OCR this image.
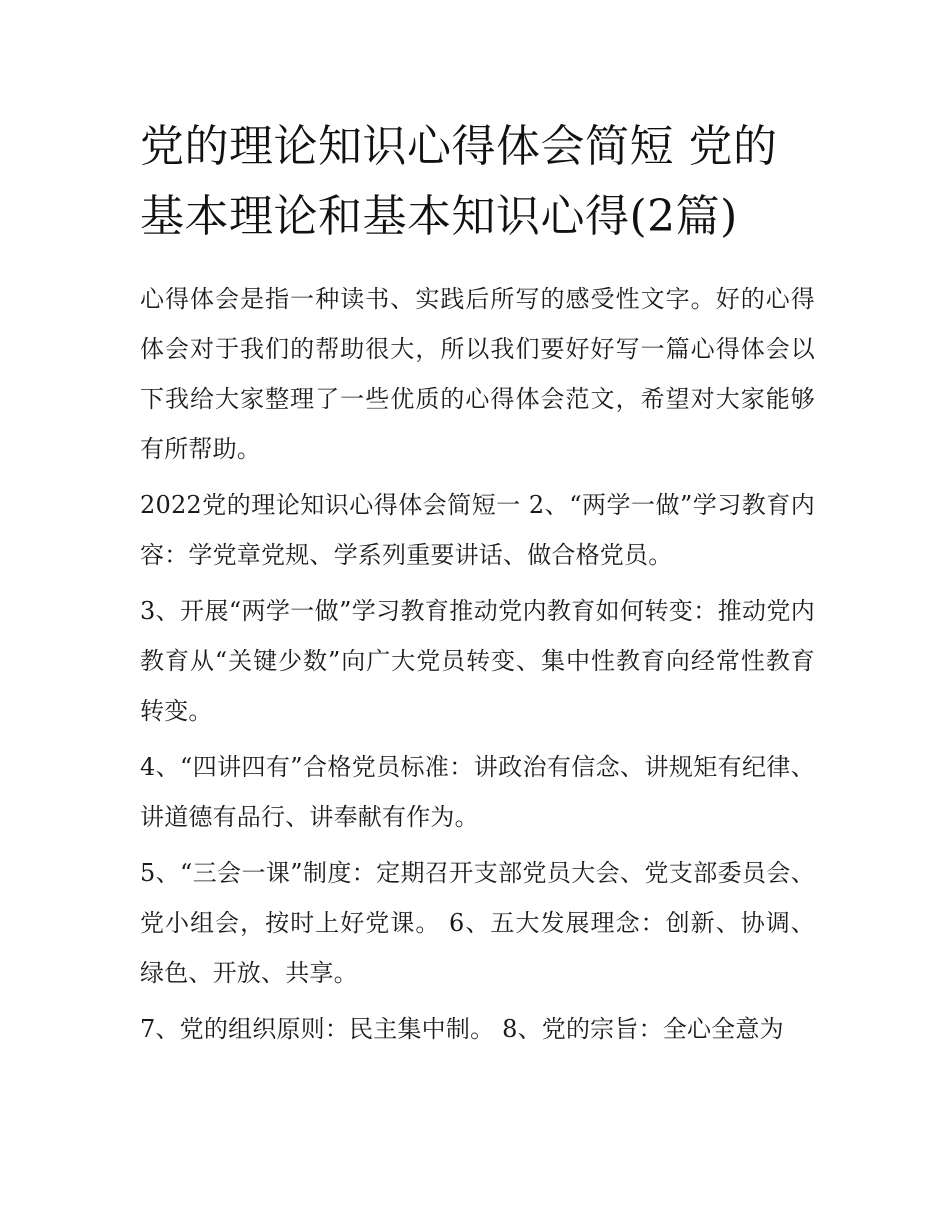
党的理论知识心得体会简短 党的基本理论和基本知识心得(2篇)

心得体会是指一种读书、实践后所写的感受性文字。好的心得体会对于我们的帮助很大，所以我们要好好写一篇心得体会以下我给大家整理了一些优质的心得体会范文，希望对大家能够有所帮助。

2022党的理论知识心得体会简短一 2、“两学一做”学习教育内容：学党章党规、学系列重要讲话、做合格党员。

3、开展“两学一做”学习教育推动党内教育如何转变：推动党内教育从“关键少数”向广大党员转变、集中性教育向经常性教育转变。

4、“四讲四有”合格党员标准：讲政治有信念、讲规矩有纪律、讲道德有品行、讲奉献有作为。

5、“三会一课”制度：定期召开支部党员大会、党支部委员会、党小组会，按时上好党课。 6、五大发展理念：创新、协调、绿色、开放、共享。

7、党的组织原则：民主集中制。 8、党的宗旨：全心全意为
